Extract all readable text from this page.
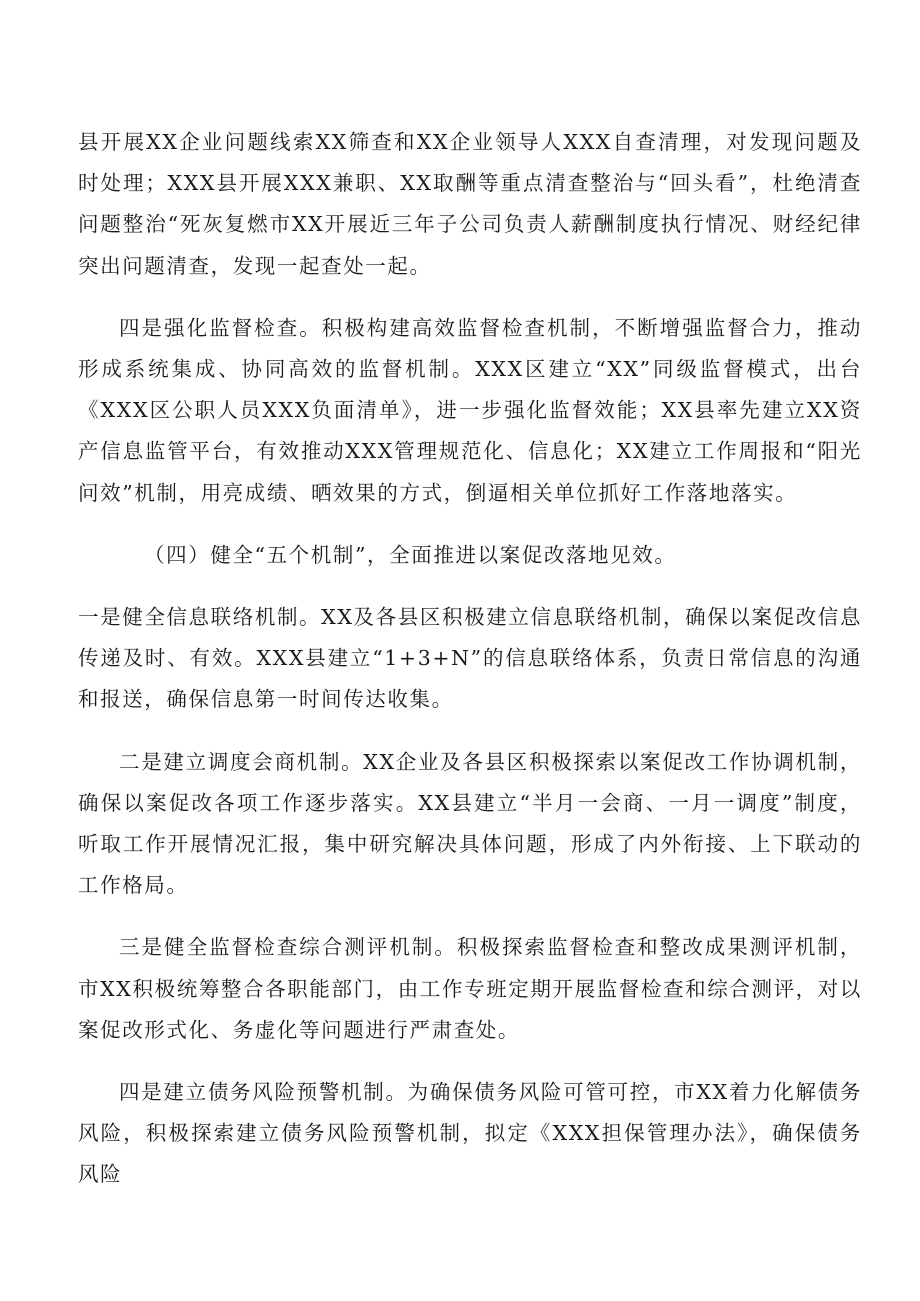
县开展XX企业问题线索XX筛查和XX企业领导人XXX自查清理，对发现问题及时处理；XXX县开展XXX兼职、XX取酬等重点清查整治与“回头看”，杜绝清查问题整治“死灰复燃市XX开展近三年子公司负责人薪酬制度执行情况、财经纪律突出问题清查，发现一起查处一起。

四是强化监督检查。积极构建高效监督检查机制，不断增强监督合力，推动形成系统集成、协同高效的监督机制。XXX区建立“XX”同级监督模式，出台《XXX区公职人员XXX负面清单》，进一步强化监督效能；XX县率先建立XX资产信息监管平台，有效推动XXX管理规范化、信息化；XX建立工作周报和“阳光问效”机制，用亮成绩、晒效果的方式，倒逼相关单位抓好工作落地落实。

（四）健全“五个机制”，全面推进以案促改落地见效。

一是健全信息联络机制。XX及各县区积极建立信息联络机制，确保以案促改信息传递及时、有效。XXX县建立“1+3+N”的信息联络体系，负责日常信息的沟通和报送，确保信息第一时间传达收集。

二是建立调度会商机制。XX企业及各县区积极探索以案促改工作协调机制，确保以案促改各项工作逐步落实。XX县建立“半月一会商、一月一调度”制度，听取工作开展情况汇报，集中研究解决具体问题，形成了内外衔接、上下联动的工作格局。

三是健全监督检查综合测评机制。积极探索监督检查和整改成果测评机制，市XX积极统筹整合各职能部门，由工作专班定期开展监督检查和综合测评，对以案促改形式化、务虚化等问题进行严肃查处。

四是建立债务风险预警机制。为确保债务风险可管可控，市XX着力化解债务风险，积极探索建立债务风险预警机制，拟定《XXX担保管理办法》，确保债务风险
